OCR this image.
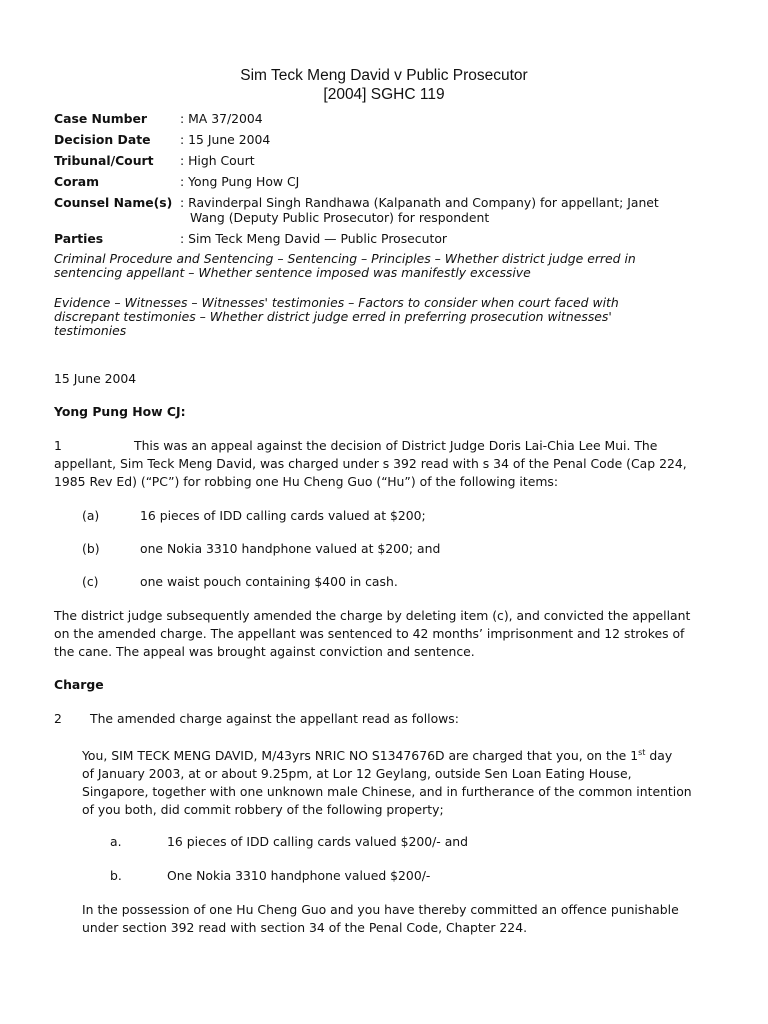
Sim Teck Meng David v Public Prosecutor
[2004] SGHC 119
Case Number	: MA 37/2004
Decision Date : 15 June 2004
Tribunal/Court : High Court
Coram	: Yong Pung How CJ
Counsel Name(s) : Ravinderpal Singh Randhawa (Kalpanath and Company) for appellant; Janet
Wang (Deputy Public Prosecutor) for respondent
Parties	: Sim Teck Meng David — Public Prosecutor
Criminal Procedure and Sentencing – Sentencing – Principles – Whether district judge erred in
sentencing appellant – Whether sentence imposed was manifestly excessive
Evidence – Witnesses – Witnesses' testimonies – Factors to consider when court faced with
discrepant testimonies – Whether district judge erred in preferring prosecution witnesses'
testimonies
15 June 2004
Yong Pung How CJ:
1	This was an appeal against the decision of District Judge Doris Lai-Chia Lee Mui. The
appellant, Sim Teck Meng David, was charged under s 392 read with s 34 of the Penal Code (Cap 224,
1985 Rev Ed) (“PC”) for robbing one Hu Cheng Guo (“Hu”) of the following items:
(a)	16 pieces of IDD calling cards valued at $200;
(b)	one Nokia 3310 handphone valued at $200; and
(c)	one waist pouch containing $400 in cash.
The district judge subsequently amended the charge by deleting item (c), and convicted the appellant
on the amended charge. The appellant was sentenced to 42 months’ imprisonment and 12 strokes of
the cane. The appeal was brought against conviction and sentence.
Charge
2 The amended charge against the appellant read as follows:
You, SIM TECK MENG DAVID, M/43yrs NRIC NO S1347676D are charged that you, on the 1st day
of January 2003, at or about 9.25pm, at Lor 12 Geylang, outside Sen Loan Eating House,
Singapore, together with one unknown male Chinese, and in furtherance of the common intention
of you both, did commit robbery of the following property;
a.	16 pieces of IDD calling cards valued $200/- and
b.	One Nokia 3310 handphone valued $200/-
In the possession of one Hu Cheng Guo and you have thereby committed an offence punishable
under section 392 read with section 34 of the Penal Code, Chapter 224.
